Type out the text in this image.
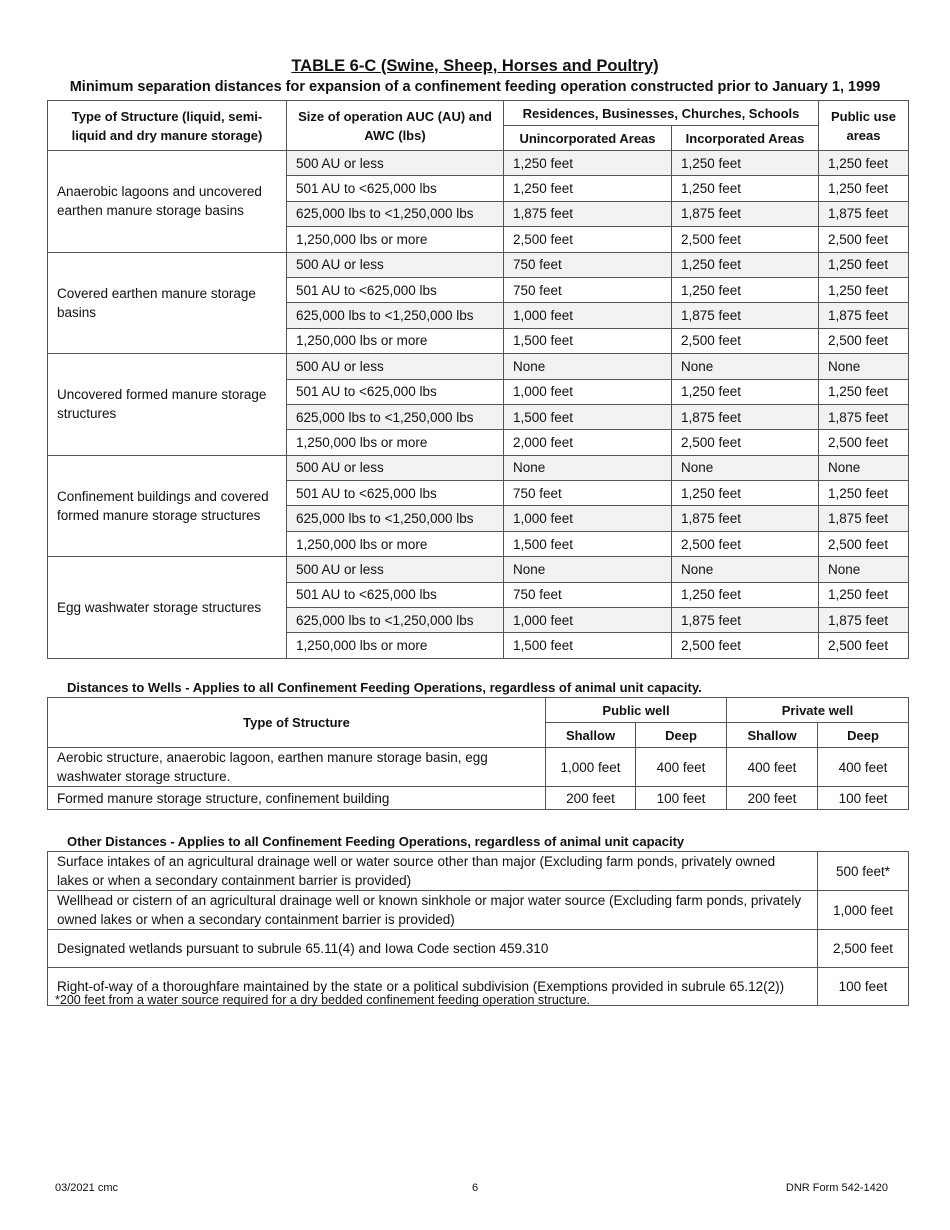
TABLE 6-C (Swine, Sheep, Horses and Poultry)
Minimum separation distances for expansion of a confinement feeding operation constructed prior to January 1, 1999
Type of Structure (liquid, semi-liquid and dry manure storage)	Size of operation AUC (AU) and AWC (lbs)	Residences, Businesses, Churches, Schools		Public use areas
		Unincorporated Areas	Incorporated Areas	
Anaerobic lagoons and uncovered earthen manure storage basins	500 AU or less	1,250 feet	1,250 feet	1,250 feet
	501 AU to <625,000 lbs	1,250 feet	1,250 feet	1,250 feet
	625,000 lbs to <1,250,000 lbs	1,875 feet	1,875 feet	1,875 feet
	1,250,000 lbs or more	2,500 feet	2,500 feet	2,500 feet
Covered earthen manure storage basins	500 AU or less	750 feet	1,250 feet	1,250 feet
	501 AU to <625,000 lbs	750 feet	1,250 feet	1,250 feet
	625,000 lbs to <1,250,000 lbs	1,000 feet	1,875 feet	1,875 feet
	1,250,000 lbs or more	1,500 feet	2,500 feet	2,500 feet
Uncovered formed manure storage structures	500 AU or less	None	None	None
	501 AU to <625,000 lbs	1,000 feet	1,250 feet	1,250 feet
	625,000 lbs to <1,250,000 lbs	1,500 feet	1,875 feet	1,875 feet
	1,250,000 lbs or more	2,000 feet	2,500 feet	2,500 feet
Confinement buildings and covered formed manure storage structures	500 AU or less	None	None	None
	501 AU to <625,000 lbs	750 feet	1,250 feet	1,250 feet
	625,000 lbs to <1,250,000 lbs	1,000 feet	1,875 feet	1,875 feet
	1,250,000 lbs or more	1,500 feet	2,500 feet	2,500 feet
Egg washwater storage structures	500 AU or less	None	None	None
	501 AU to <625,000 lbs	750 feet	1,250 feet	1,250 feet
	625,000 lbs to <1,250,000 lbs	1,000 feet	1,875 feet	1,875 feet
	1,250,000 lbs or more	1,500 feet	2,500 feet	2,500 feet
Distances to Wells - Applies to all Confinement Feeding Operations, regardless of animal unit capacity.
Type of Structure	Public well		Private well	
	Shallow	Deep	Shallow	Deep
Aerobic structure, anaerobic lagoon, earthen manure storage basin, egg washwater storage structure.	1,000 feet	400 feet	400 feet	400 feet
Formed manure storage structure, confinement building	200 feet	100 feet	200 feet	100 feet
Other Distances - Applies to all Confinement Feeding Operations, regardless of animal unit capacity
Surface intakes of an agricultural drainage well or water source other than major (Excluding farm ponds, privately owned lakes or when a secondary containment barrier is provided)	500 feet*
Wellhead or cistern of an agricultural drainage well or known sinkhole or major water source (Excluding farm ponds, privately owned lakes or when a secondary containment barrier is provided)	1,000 feet
Designated wetlands pursuant to subrule 65.11(4) and Iowa Code section 459.310	2,500 feet
Right-of-way of a thoroughfare maintained by the state or a political subdivision (Exemptions provided in subrule 65.12(2))	100 feet
*200 feet from a water source required for a dry bedded confinement feeding operation structure.
03/2021 cmc	6	DNR Form 542-1420
